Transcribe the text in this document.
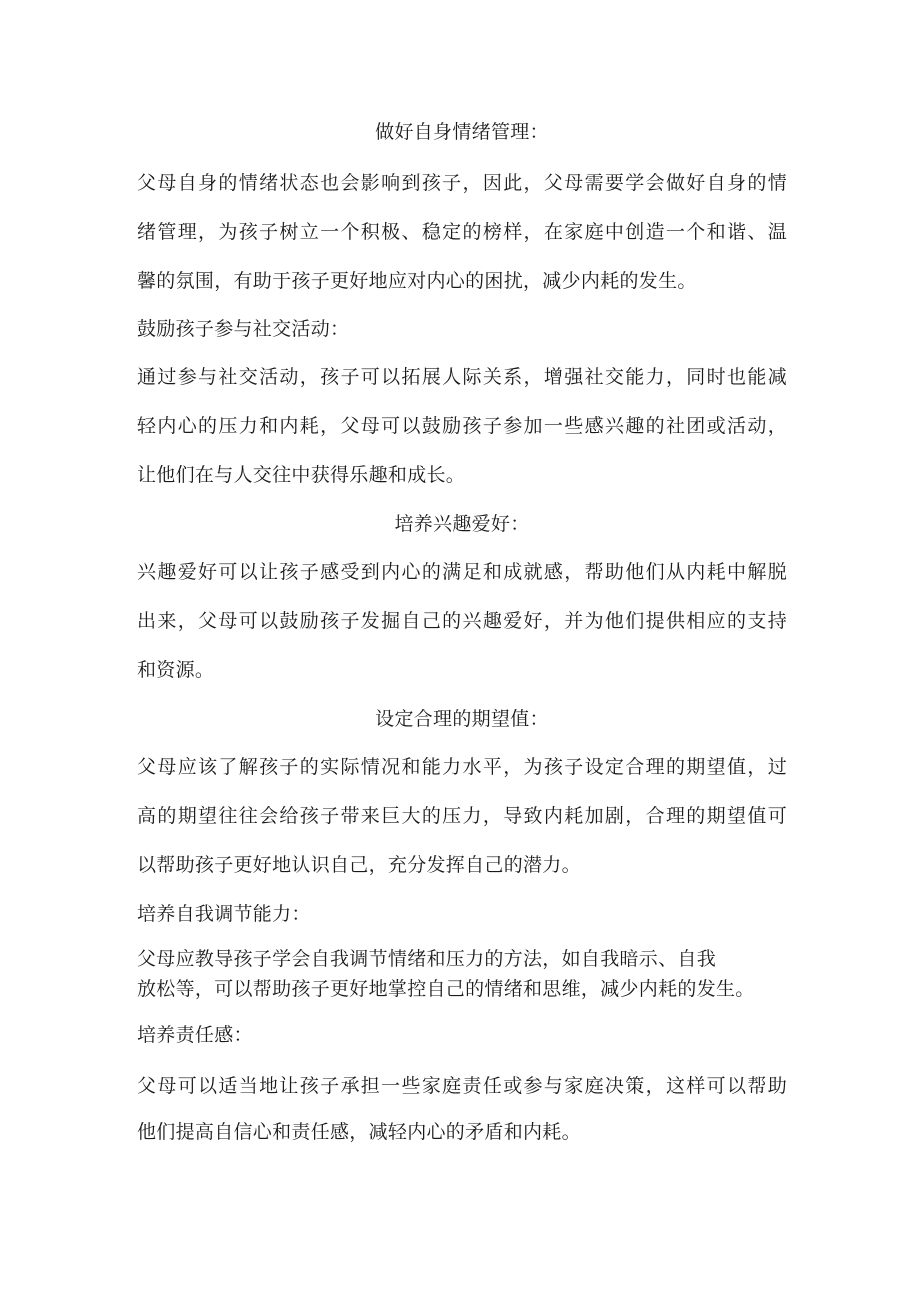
做好自身情绪管理：
父母自身的情绪状态也会影响到孩子，因此，父母需要学会做好自身的情
绪管理，为孩子树立一个积极、稳定的榜样，在家庭中创造一个和谐、温
馨的氛围，有助于孩子更好地应对内心的困扰，减少内耗的发生。
鼓励孩子参与社交活动：
通过参与社交活动，孩子可以拓展人际关系，增强社交能力，同时也能减
轻内心的压力和内耗，父母可以鼓励孩子参加一些感兴趣的社团或活动，
让他们在与人交往中获得乐趣和成长。
培养兴趣爱好：
兴趣爱好可以让孩子感受到内心的满足和成就感，帮助他们从内耗中解脱
出来，父母可以鼓励孩子发掘自己的兴趣爱好，并为他们提供相应的支持
和资源。
设定合理的期望值：
父母应该了解孩子的实际情况和能力水平，为孩子设定合理的期望值，过
高的期望往往会给孩子带来巨大的压力，导致内耗加剧，合理的期望值可
以帮助孩子更好地认识自己，充分发挥自己的潜力。
培养自我调节能力：
父母应教导孩子学会自我调节情绪和压力的方法，如自我暗示、自我
放松等，可以帮助孩子更好地掌控自己的情绪和思维，减少内耗的发生。
培养责任感：
父母可以适当地让孩子承担一些家庭责任或参与家庭决策，这样可以帮助
他们提高自信心和责任感，减轻内心的矛盾和内耗。
